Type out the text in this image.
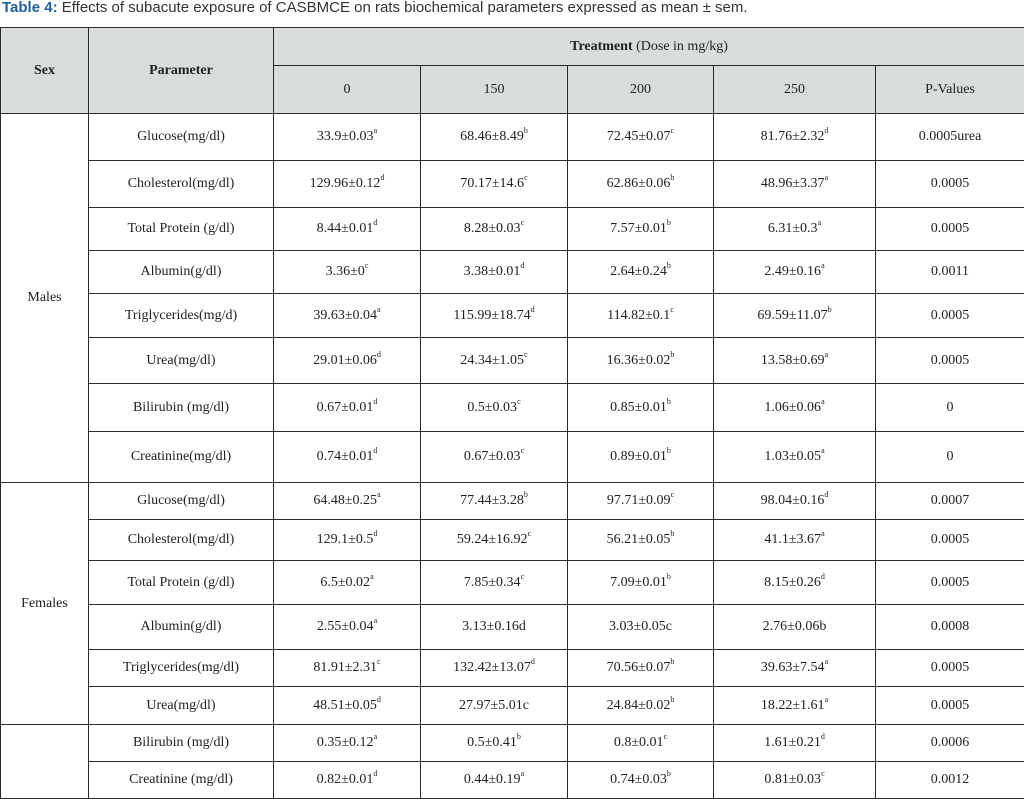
Table 4: Effects of subacute exposure of CASBMCE on rats biochemical parameters expressed as mean ± sem.
Sex	Parameter	Treatment (Dose in mg/kg)				
		0	150	200	250	P-Values
Males	Glucose(mg/dl)	33.9±0.03$^a$	68.46±8.49$^b$	72.45±0.07$^c$	81.76±2.32$^d$	0.0005urea
	Cholesterol(mg/dl)	129.96±0.12$^d$	70.17±14.6$^c$	62.86±0.06$^b$	48.96±3.37$^a$	0.0005
	Total Protein (g/dl)	8.44±0.01$^d$	8.28±0.03$^c$	7.57±0.01$^b$	6.31±0.3$^a$	0.0005
	Albumin(g/dl)	$3.36\pm 0^c$	3.38±0.01$^d$	2.64±0.24$^b$	2.49±0.16$^a$	0.0011
	Triglycerides(mg/d)	39.63±0.04$^a$	115.99±18.74$^d$	114.82±0.1$^c$	69.59±11.07$^b$	0.0005
	Urea(mg/dl)	29.01±0.06$^d$	24.34±1.05$^c$	16.36±0.02$^b$	13.58±0.69$^a$	0.0005
	Bilirubin (mg/dl)	0.67±0.01$^d$	0.5±0.03$^c$	0.85±0.01$^b$	1.06±0.06$^a$	0
	Creatinine(mg/dl)	0.74±0.01$^d$	0.67±0.03$^c$	0.89±0.01$^b$	1.03±0.05$^a$	0
Females	Glucose(mg/dl)	64.48±0.25$^a$	77.44±3.28$^b$	97.71±0.09$^c$	98.04±0.16$^d$	0.0007
	Cholesterol(mg/dl)	129.1±0.5$^d$	59.24±16.92$^c$	56.21±0.05$^b$	41.1±3.67$^a$	0.0005
	Total Protein (g/dl)	6.5±0.02$^a$	7.85±0.34$^c$	7.09±0.01$^b$	8.15±0.26$^d$	0.0005
	Albumin(g/dl)	2.55±0.04$^a$	3.13±0.16d	3.03±0.05c	2.76±0.06b	0.0008
	Triglycerides(mg/dl)	81.91±2.31$^c$	132.42±13.07$^d$	70.56±0.07$^b$	39.63±7.54$^a$	0.0005
	Urea(mg/dl)	48.51±0.05$^d$	27.97±5.01c	24.84±0.02$^b$	18.22±1.61$^a$	0.0005
	Bilirubin (mg/dl)	0.35±0.12$^a$	0.5±0.41$^b$	0.8±0.01$^c$	1.61±0.21$^d$	0.0006
	Creatinine (mg/dl)	0.82±0.01$^d$	0.44±0.19$^a$	0.74±0.03$^b$	0.81±0.03$^c$	0.0012
